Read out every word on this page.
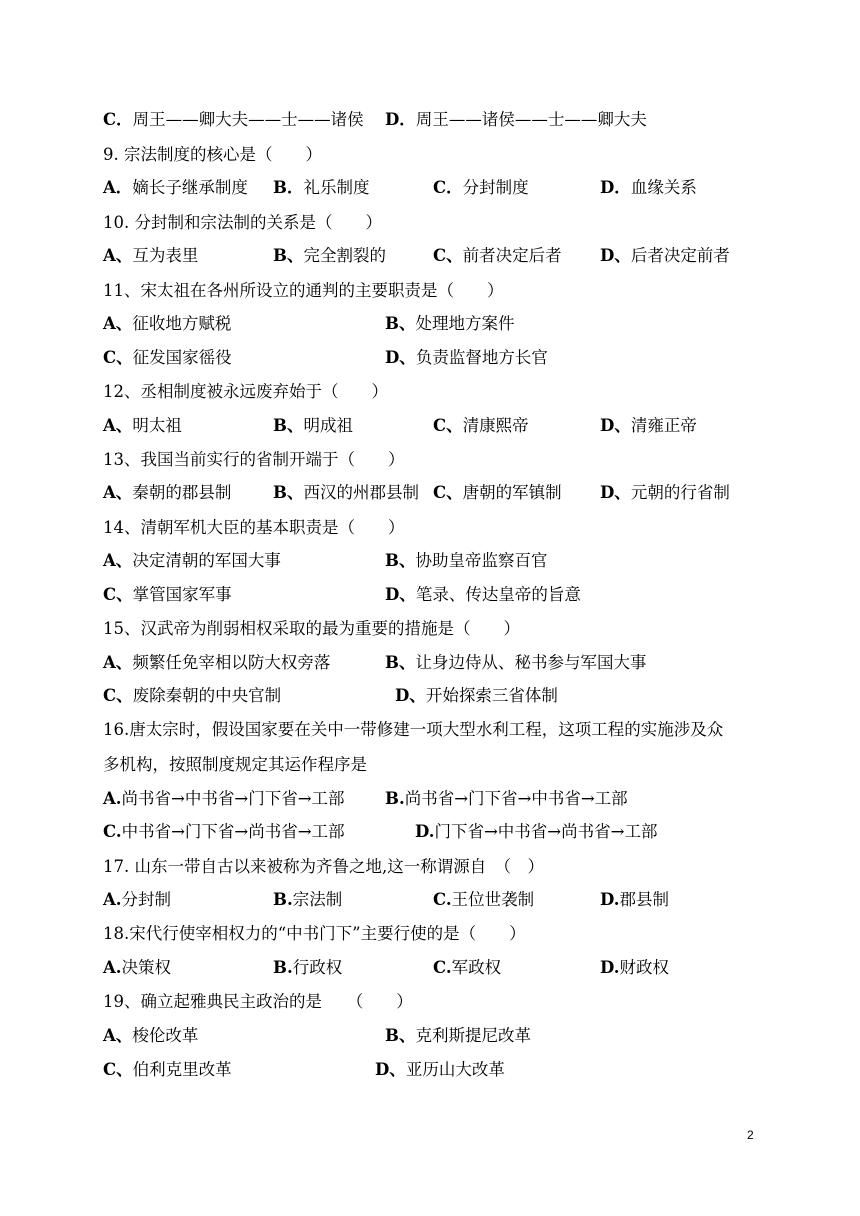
2
C．周王——卿大夫——士——诸侯 D．周王——诸侯——士——卿大夫
9. 宗法制度的核心是（　　）
A．嫡长子继承制度 B．礼乐制度	C．分封制度	D．血缘关系
10. 分封制和宗法制的关系是（　　）
A、互为表里	B、完全割裂的	C、前者决定后者 D、后者决定前者
11、宋太祖在各州所设立的通判的主要职责是（　　）
A、征收地方赋税	B、处理地方案件
C、征发国家徭役	D、负责监督地方长官
12、丞相制度被永远废弃始于（　　）
A、明太祖	B、明成祖	C、清康熙帝	D、清雍正帝
13、我国当前实行的省制开端于（　　）
A、秦朝的郡县制	B、西汉的州郡县制 C、唐朝的军镇制 D、元朝的行省制
14、清朝军机大臣的基本职责是（　　）
A、决定清朝的军国大事	B、协助皇帝监察百官
C、掌管国家军事	D、笔录、传达皇帝的旨意
15、汉武帝为削弱相权采取的最为重要的措施是（　　）
A、频繁任免宰相以防大权旁落	B、让身边侍从、秘书参与军国大事
C、废除秦朝的中央官制	D、开始探索三省体制
16.唐太宗时，假设国家要在关中一带修建一项大型水利工程，这项工程的实施涉及众
多机构，按照制度规定其运作程序是
A.尚书省→中书省→门下省→工部 B.尚书省→门下省→中书省→工部
C.中书省→门下省→尚书省→工部	D.门下省→中书省→尚书省→工部
17. 山东一带自古以来被称为齐鲁之地,这一称谓源自　（　）
A.分封制	B.宗法制	C.王位世袭制	D.郡县制
18.宋代行使宰相权力的“中书门下”主要行使的是（　　）
A.决策权	B.行政权	C.军政权	D.财政权
19、确立起雅典民主政治的是　　（　　）
A、梭伦改革	B、克利斯提尼改革
C、伯利克里改革	D、亚历山大改革
